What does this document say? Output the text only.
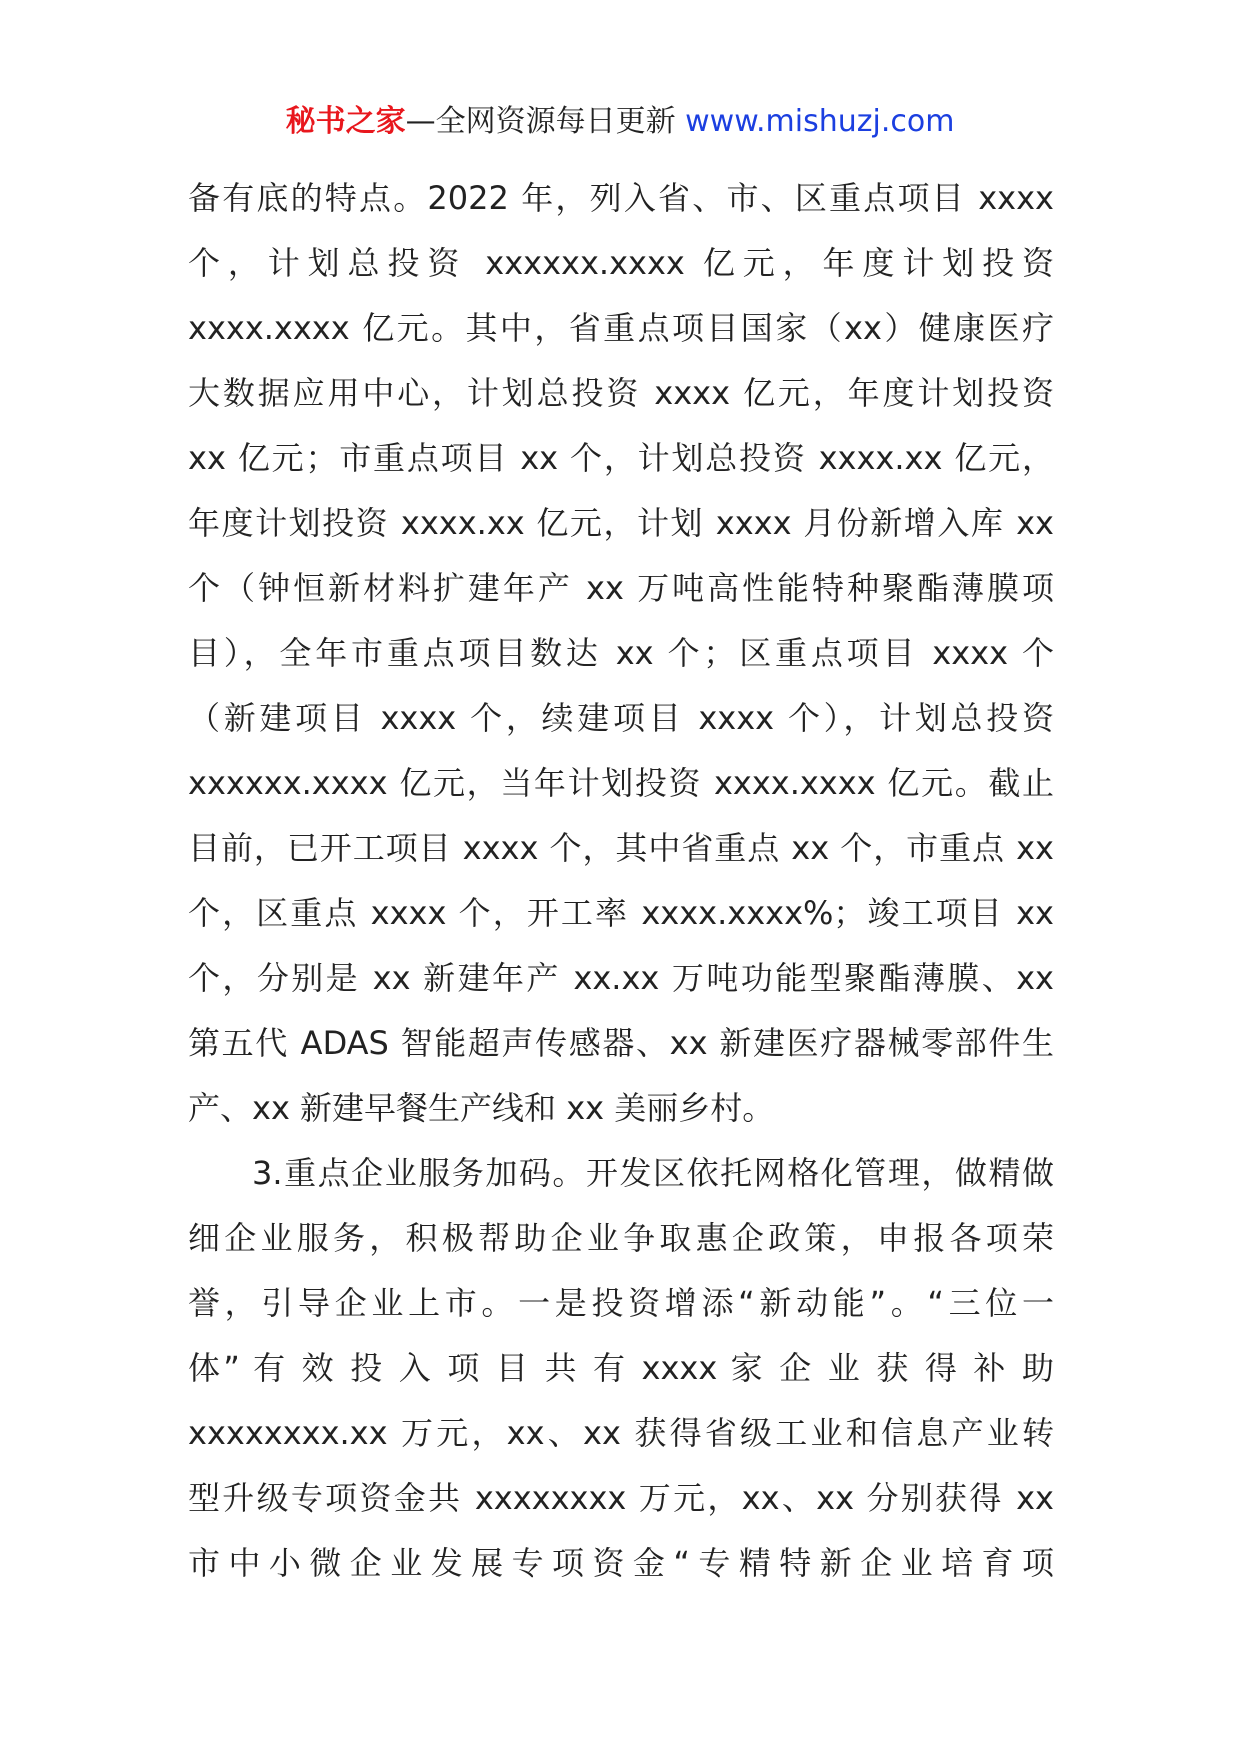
秘书之家—全网资源每日更新 www.mishuzj.com
备有底的特点。2022 年，列入省、市、区重点项目 xxxx
个，计划总投资 xxxxxx.xxxx 亿元，年度计划投资
xxxx.xxxx 亿元。其中，省重点项目国家（xx）健康医疗
大数据应用中心，计划总投资 xxxx 亿元，年度计划投资
xx 亿元；市重点项目 xx 个，计划总投资 xxxx.xx 亿元，
年度计划投资 xxxx.xx 亿元，计划 xxxx 月份新增入库 xx
个（钟恒新材料扩建年产 xx 万吨高性能特种聚酯薄膜项
目），全年市重点项目数达 xx 个；区重点项目 xxxx 个
（新建项目 xxxx 个，续建项目 xxxx 个），计划总投资
xxxxxx.xxxx 亿元，当年计划投资 xxxx.xxxx 亿元。截止
目前，已开工项目 xxxx 个，其中省重点 xx 个，市重点 xx
个，区重点 xxxx 个，开工率 xxxx.xxxx%；竣工项目 xx
个，分别是 xx 新建年产 xx.xx 万吨功能型聚酯薄膜、xx
第五代 ADAS 智能超声传感器、xx 新建医疗器械零部件生
产、xx 新建早餐生产线和 xx 美丽乡村。
3.重点企业服务加码。开发区依托网格化管理，做精做
细企业服务，积极帮助企业争取惠企政策，申报各项荣
誉，引导企业上市。一是投资增添“新动能”。“三位一
体” 有 效 投 入 项 目 共 有 xxxx 家 企 业 获 得 补 助
xxxxxxxx.xx 万元，xx、xx 获得省级工业和信息产业转
型升级专项资金共 xxxxxxxx 万元，xx、xx 分别获得 xx
市中小微企业发展专项资金“专精特新企业培育项
